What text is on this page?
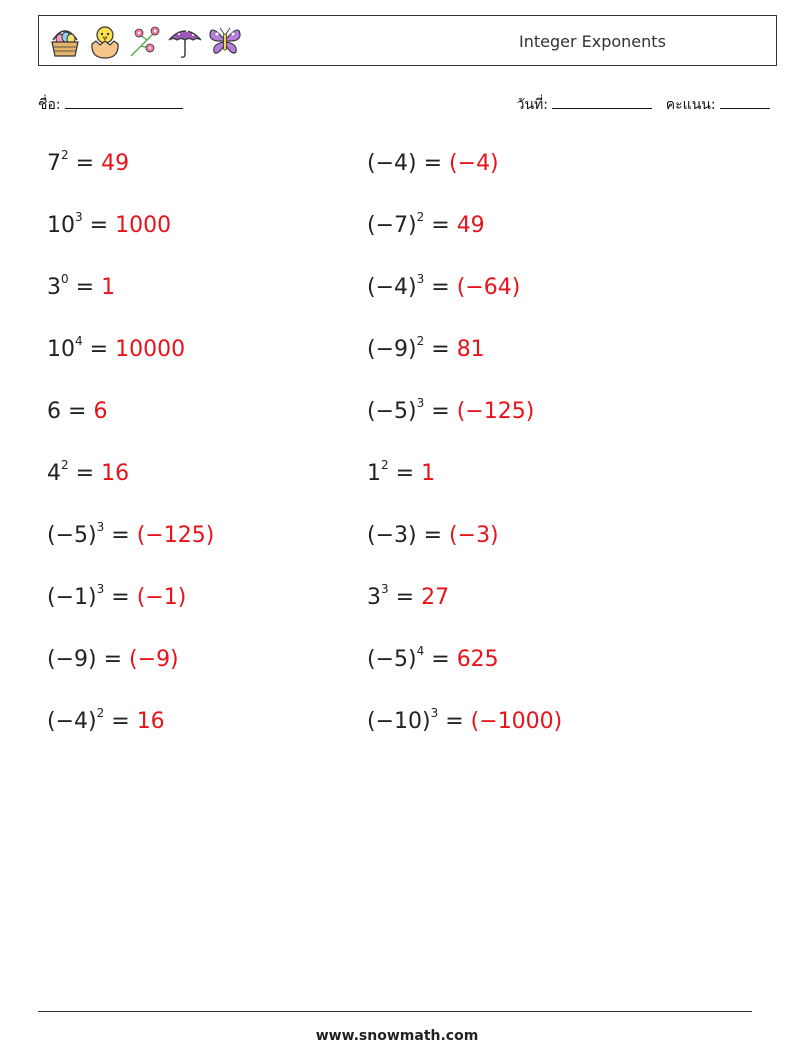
Integer Exponents
ชื่อ:	วันที่:	คะแนน:
$7^2 = 49$
$10^3 = 1000$
$3^0 = 1$
$10^4 = 10000$
6 = 6
$4^2 = 16$
$(-5)^3 = (-125)$
$(-1)^3 = (-1)$
(−9) = (−9)
$(-4)^2 = 16$
(−4) = (−4)
$(-7)^2 = 49$
$(-4)^3 = (-64)$
$(-9)^2 = 81$
$(-5)^3 = (-125)$
$1^2 = 1$
(−3) = (−3)
$3^3 = 27$
$(-5)^4 = 625$
$(-10)^3 = (-1000)$
www.snowmath.com
